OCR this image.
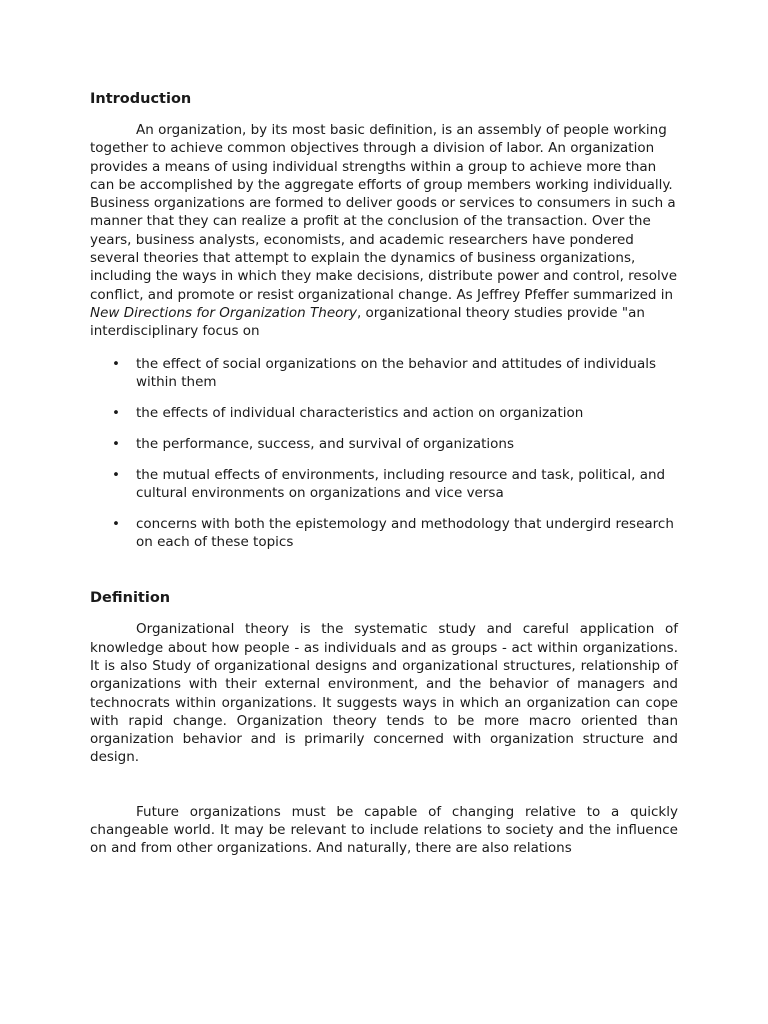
Introduction

An organization, by its most basic definition, is an assembly of people working together to achieve common objectives through a division of labor. An organization provides a means of using individual strengths within a group to achieve more than can be accomplished by the aggregate efforts of group members working individually. Business organizations are formed to deliver goods or services to consumers in such a manner that they can realize a profit at the conclusion of the transaction. Over the years, business analysts, economists, and academic researchers have pondered several theories that attempt to explain the dynamics of business organizations, including the ways in which they make decisions, distribute power and control, resolve conflict, and promote or resist organizational change. As Jeffrey Pfeffer summarized in New Directions for Organization Theory, organizational theory studies provide "an interdisciplinary focus on

• the effect of social organizations on the behavior and attitudes of individuals within them
• the effects of individual characteristics and action on organization
• the performance, success, and survival of organizations
• the mutual effects of environments, including resource and task, political, and cultural environments on organizations and vice versa
• concerns with both the epistemology and methodology that undergird research on each of these topics
Definition

Organizational theory is the systematic study and careful application of knowledge about how people - as individuals and as groups - act within organizations. It is also Study of organizational designs and organizational structures, relationship of organizations with their external environment, and the behavior of managers and technocrats within organizations. It suggests ways in which an organization can cope with rapid change. Organization theory tends to be more macro oriented than organization behavior and is primarily concerned with organization structure and design.

Future organizations must be capable of changing relative to a quickly changeable world. It may be relevant to include relations to society and the influence on and from other organizations. And naturally, there are also relations
